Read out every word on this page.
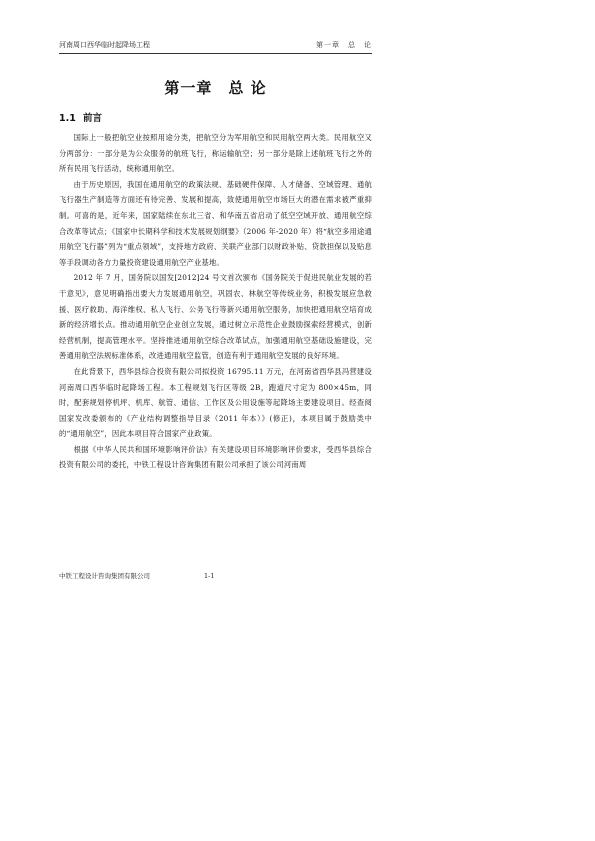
河南周口西华临时起降场工程	第一章　总　论
第一章　总 论
1.1 前言

国际上一般把航空业按照用途分类，把航空分为军用航空和民用航空两大类。民用航空又分两部分：一部分是为公众服务的航班飞行，称运输航空；另一部分是除上述航班飞行之外的所有民用飞行活动，统称通用航空。

由于历史原因，我国在通用航空的政策法规、基础硬件保障、人才储备、空域管理、通航飞行器生产制造等方面还有待完善、发展和提高，致使通用航空市场巨大的潜在需求被严重抑制。可喜的是，近年来，国家陆续在东北三省、和华南五省启动了低空空域开放、通用航空综合改革等试点；《国家中长期科学和技术发展规划纲要》（2006 年-2020 年）将“航空多用途通用航空飞行器”列为“重点领域”，支持地方政府、关联产业部门以财政补贴、贷款担保以及贴息等手段调动各方力量投资建设通用航空产业基地。

2012 年 7 月，国务院以国发[2012]24 号文首次颁布《国务院关于促进民航业发展的若干意见》，意见明确指出要大力发展通用航空，巩固农、林航空等传统业务，积极发展应急救援、医疗救助、海洋维权、私人飞行、公务飞行等新兴通用航空服务，加快把通用航空培育成新的经济增长点。推动通用航空企业创立发展，通过树立示范性企业鼓励探索经营模式，创新经营机制，提高管理水平。坚持推进通用航空综合改革试点，加强通用航空基础设施建设，完善通用航空法规标准体系，改进通用航空监管，创造有利于通用航空发展的良好环境。

在此背景下，西华县综合投资有限公司拟投资 16795.11 万元，在河南省西华县冯营建设河南周口西华临时起降场工程。本工程规划飞行区等级 2B，跑道尺寸定为 800×45m，同时，配套规划停机坪、机库、航管、通信、工作区及公用设施等起降场主要建设项目。经查阅国家发改委颁布的《产业结构调整指导目录（2011 年本）》(修正)，本项目属于鼓励类中的“通用航空”，因此本项目符合国家产业政策。

根据《中华人民共和国环境影响评价法》有关建设项目环境影响评价要求，受西华县综合投资有限公司的委托，中铁工程设计咨询集团有限公司承担了该公司河南周

中铁工程设计咨询集团有限公司	1-1
